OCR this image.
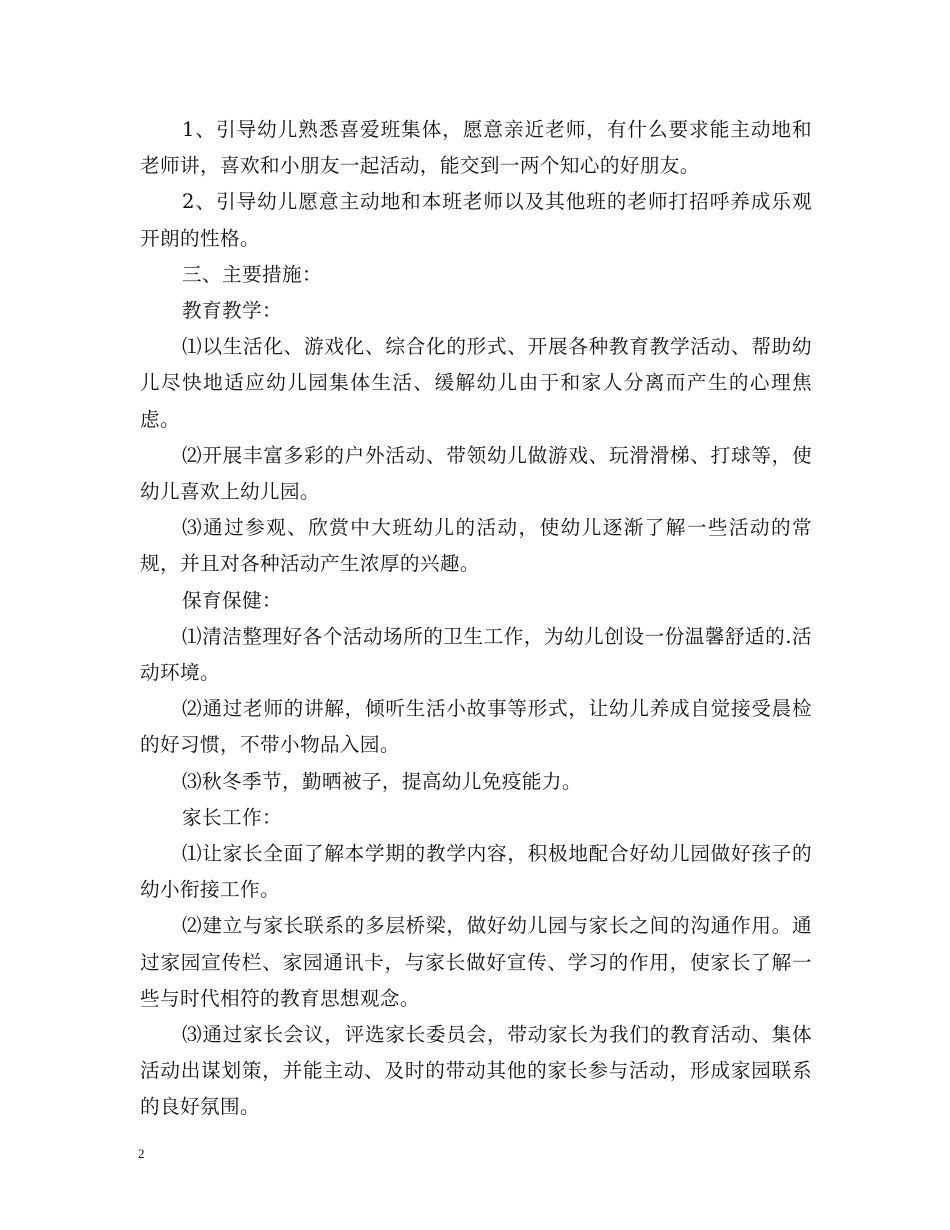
1、引导幼儿熟悉喜爱班集体，愿意亲近老师，有什么要求能主动地和老师讲，喜欢和小朋友一起活动，能交到一两个知心的好朋友。

2、引导幼儿愿意主动地和本班老师以及其他班的老师打招呼养成乐观开朗的性格。

三、主要措施：

教育教学：

⑴以生活化、游戏化、综合化的形式、开展各种教育教学活动、帮助幼儿尽快地适应幼儿园集体生活、缓解幼儿由于和家人分离而产生的心理焦虑。

⑵开展丰富多彩的户外活动、带领幼儿做游戏、玩滑滑梯、打球等，使幼儿喜欢上幼儿园。

⑶通过参观、欣赏中大班幼儿的活动，使幼儿逐渐了解一些活动的常规，并且对各种活动产生浓厚的兴趣。

保育保健：

⑴清洁整理好各个活动场所的卫生工作，为幼儿创设一份温馨舒适的.活动环境。

⑵通过老师的讲解，倾听生活小故事等形式，让幼儿养成自觉接受晨检的好习惯，不带小物品入园。

⑶秋冬季节，勤晒被子，提高幼儿免疫能力。

家长工作：

⑴让家长全面了解本学期的教学内容，积极地配合好幼儿园做好孩子的幼小衔接工作。

⑵建立与家长联系的多层桥梁，做好幼儿园与家长之间的沟通作用。通过家园宣传栏、家园通讯卡，与家长做好宣传、学习的作用，使家长了解一些与时代相符的教育思想观念。

⑶通过家长会议，评选家长委员会，带动家长为我们的教育活动、集体活动出谋划策，并能主动、及时的带动其他的家长参与活动，形成家园联系的良好氛围。

2
